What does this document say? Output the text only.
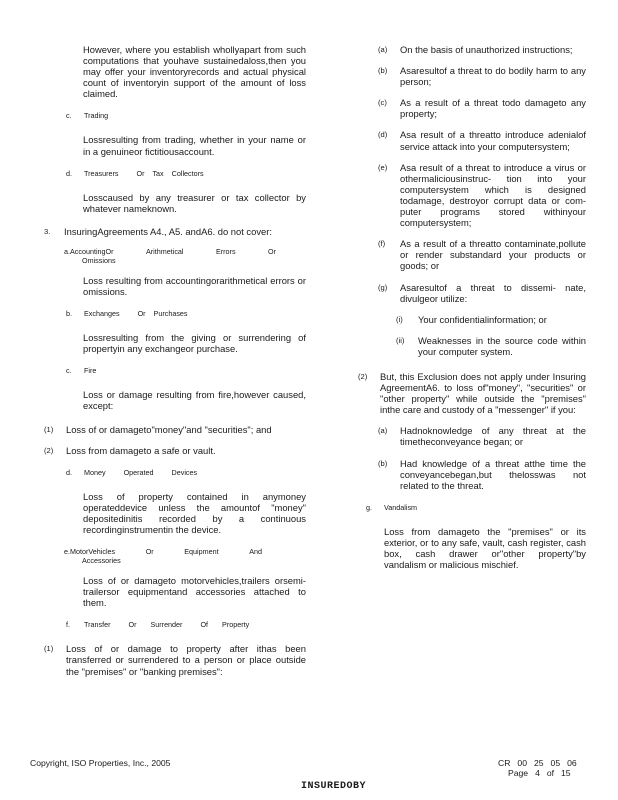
However, where you establish whollyapart from such computations that youhave sustainedaloss,then you may offer your inventoryrecords and actual physical count of inventoryin support of the amount of loss claimed.

c. Trading

Lossresulting from trading, whether in your name or in a genuineor fictitiousaccount.

d.	Treasurers	Or Tax Collectors

Losscaused by any treasurer or tax collector by whatever nameknown.

3.	InsuringAgreements A4., A5. andA6. do not cover:
a.AccountingOr	Arithmetical	Errors	Or
Omissions

Loss resulting from accountingorarithmetical errors or omissions.

b.	Exchanges	Or Purchases

Lossresulting from the giving or surrendering of propertyin any exchangeor purchase.

c. Fire

Loss or damage resulting from fire,however caused, except:

(1)	Loss of or damageto"money"and "securities"; and
(2)	Loss from damageto a safe or vault.
d.	Money	Operated	Devices

Loss of property contained in anymoney operateddevice unless the amountof "money" depositedinitis recorded by a continuous recordinginstrumentin the device.

e.MotorVehicles	Or	Equipment	And
Accessories

Loss of or damageto motorvehicles,trailers orsemi-trailersor equipmentand accessories attached to them.

f.	Transfer	Or Surrender	Of Property
(1)	Loss of or damage to property after ithas been transferred or surrendered to a person or place outside the "premises" or "banking premises":
(a)	On the basis of unauthorized instructions;
(b)	Asaresultof a threat to do bodily harm to any person;
(c)	As a result of a threat todo damageto any property;
(d)	Asa result of a threatto introduce adenialof service attack into your computersystem;
(e)	Asa result of a threat to introduce a virus or othermaliciousinstruc- tion into your computersystem which is designed todamage, destroyor corrupt data or com- puter programs stored withinyour computersystem;
(f)	As a result of a threatto contaminate,pollute or render substandard your products or goods; or
(g)	Asaresultof a threat to dissemi- nate, divulgeor utilize:
(i)	Your confidentialinformation; or
(ii)	Weaknesses in the source code within your computer system.
(2)	But, this Exclusion does not apply under Insuring AgreementA6. to loss of"money", "securities" or "other property" while outside the "premises" inthe care and custody of a "messenger" if you:
(a)	Hadnoknowledge of any threat at the timetheconveyance began; or
(b)	Had knowledge of a threat atthe time the conveyancebegan,but thelosswas not related to the threat.
g. Vandalism

Loss from damageto the "premises" or its exterior, or to any safe, vault, cash register, cash box, cash drawer or"other property"by vandalism or malicious mischief.

Copyright, ISO Properties, Inc., 2005	CR 00 25 05 06
Page 4 of 15
INSUREDOBY
